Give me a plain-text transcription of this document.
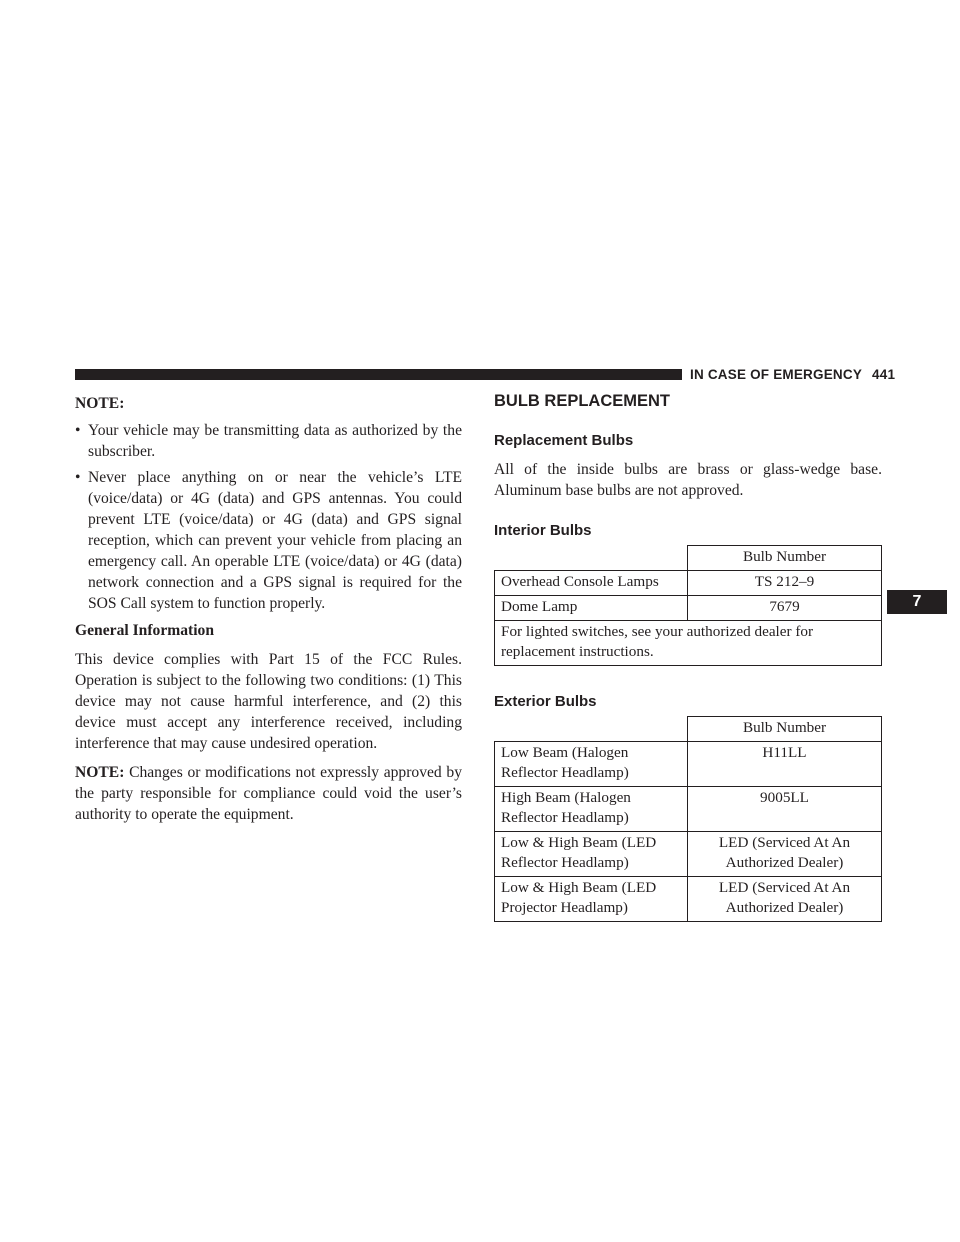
IN CASE OF EMERGENCY 441
NOTE:
• Your vehicle may be transmitting data as authorized by the subscriber.
• Never place anything on or near the vehicle’s LTE (voice/data) or 4G (data) and GPS antennas. You could prevent LTE (voice/data) or 4G (data) and GPS signal reception, which can prevent your vehicle from placing an emergency call. An operable LTE (voice/data) or 4G (data) network connection and a GPS signal is required for the SOS Call system to function properly.
General Information

This device complies with Part 15 of the FCC Rules. Operation is subject to the following two conditions: (1) This device may not cause harmful interference, and (2) this device must accept any interference received, including interference that may cause undesired operation.

NOTE: Changes or modifications not expressly approved by the party responsible for compliance could void the user’s authority to operate the equipment.

BULB REPLACEMENT
Replacement Bulbs

All of the inside bulbs are brass or glass-wedge base. Aluminum base bulbs are not approved.

Interior Bulbs
	Bulb Number
Overhead Console Lamps	TS 212–9
Dome Lamp	7679
For lighted switches, see your authorized dealer for replacement instructions.	
Exterior Bulbs
	Bulb Number
Low Beam (Halogen Reflector Headlamp)	H11LL
High Beam (Halogen Reflector Headlamp)	9005LL
Low & High Beam (LED Reflector Headlamp)	LED (Serviced At An Authorized Dealer)
Low & High Beam (LED Projector Headlamp)	LED (Serviced At An Authorized Dealer)
7
